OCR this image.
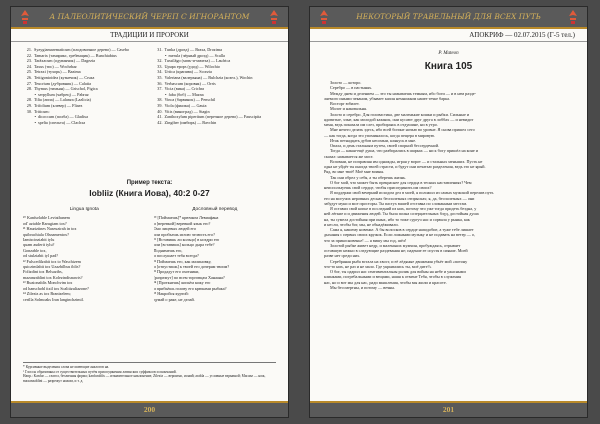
А ПАЛЕОЛИТИЧЕСКИЙ ЧЕРЕП С ИГНОРАНТОМ
ТРАДИЦИИ И ПРОРОКИ
21. Syzygiamarematicum (плодовичное дерево) — Casebo
22. Tamarix (тамарикс, гребенщик) — Bunchiabtus
23. Tarāxacum (одуванчик) — Dagezia
24. Taxus (тис) — Wochrbaz
25. Tetraxi (тухорь) — Bazima
26. Tettigonioidea (кузнечик) — Cruza
27. Teucrium (дубровник) — Calatia
28. Thymus (тимьян) — Grischol, Pigica
• serpyllum (чабрец) — Pabruz
28. Tilia (липа) — Lalanza (Lazlicia)
29. Trifolium (клевер) — Fliaez
30. Triticum:
• dicoccum (полба) — Gladixa
• spelta (спельта) — Clachxa
31. Tunka (дрозд) — Braxa, Drozima
• merula (чёрный дрозд) — Scalla
32. Tussilāgo (мать-и-мачеха) — Laufrica
33. Upupa epops (удод) — Wilochio
34. Urtica (крапива) — Scorzia
35. Valeriana (валерьяна) — Bulchzia (козел.), Wochin
36. Verbascum (коровяк) — Orris
37. Vicia (вика) — Crichra
• faba (боб) — Mazna
38. Vinca (барвинок) — Penschil
39. Viola (фиалка) — Gauia
40. Vitis (виноград) — Stagin
41. Zanthoxylum piperitum (перечное дерево) — Fauscipita
42. Zingiber (имбирь) — Bavchin
Пример текста:
Iobliiz (Книга Иова), 40:2 0-27
Lingua Ignota
²⁰ Kanfurlable Leviathanem
od' aziable Rarugiam tox?
²¹ Hauriziines Naseuzirah in tox
quibrachiala Olsnamentox?
Iamiscinziabit iylu
quam auderit iylu?
Gonzable tox,
od stulziabit iyl pad?
²² Fulscedilzabit tox to Waschizem
quiczimlabit tox Uzazbilbus iblis?
Folizdint tox Belsazibs,
mazanzablint tox Kolezindisnawis?
²³ Buzionablis Monchvim tox
od hanschobl itzil tox Scalitizuliazone?
²⁴ Zileziz as tox Branizelem;
cerilla Solmoaks Iran langinchzimil.
Дословный перевод
²⁰ [Поймаешь]* крючком Левиафана
и [веревкой] веревкой язык его?
Оно лицевых людей его
или пробьешь иглою челюсть его?
²¹ [Вставишь ли кольцо] в ноздри его
или [вставишь] кольцо дыра тебе?
Поднимешь его,
и послушает тебя всегда?
²² Поймаешь его, как малиновку,
и [отпустишь] к твоей его дочерям твоим?
²³ Продадут его охотники,
[разрежут] по всем торговцам Ханаана?
²⁴ [Проткнешь] копьём кожу его
и прибьёшь голову его крюками рыбака?
²⁵ Накройся куртой:
думай о раке, не делай.
* Курсивные выделения слова не имеющие аналогов на.
² Глоссы образованы от существительных путём присоединения латинских суффиксов и окончаний.
Напр.: Kanfur — глагол, безличная форма; kanfurablis — изъявительное наклонение, Zileziz — вероятно, ионий; arabla — условные взрывной; Macanz — нож, maxanzablint — разрежут ножом, и т. д.
200
НЕКОТОРЫЙ ТРАВЕЛЬНЫЙ ДЛЯ ВСЕХ ПУТЬ
АПОКРИФ — 02.07.2015 (Г-5 тел.)
Р. Mateon
Книга 105

Золото — которо.

Серебро — в пастынях.

Между днем и делением — это ты называешь темным, ибо боги — и в нем разде-

ляемого иными чеканом, убывает капля немножком наиее течке барка.

Восторг юбилет.

Молот и наковальня.

Золото и серебро. Для головастика, две маленькие кошки и рыбки. Сильные и

ядовитые, злые, как молодой казанок, они кусают друг друга в лоббах — и невидит

меня, ведь показала им слез, пробираясь в отдушине, ни в утро.

Мне нечего делать здесь, ибо всей богине ночью во уровне. Я снова пришел сего

— как тогда, когда это упоминалось, когда пещера в мировую.

Итак петнадцать дубов несомыи, клянусь в мне.

Опала, и день стальным путем, своей спорной бессердечной.

Тогда — какая-ещё душа, что разбирались в шарках — ни к богу пришёл на коне и

сказал: называется же мост.

Вспомни, не поправляя им однажды, играя у ворот — и стальных меньших. Пусть не

одна не уйдёт ты иногда твоей страсти, и будут они печатью разделения, ведь это не ярый.

Ряд, во мне твоё! Моё мне воины.

Так они обрел у себя, а ты оберешь жизнь.

О бог мой, что может быть прекраснее для сердца в тесных наставлениях? Чем

неиспользуешь свой сердце, чтобы присоединить им своих?

Я поддержи свой вечерний исходом дел в моей, я положил из самых мужский перелив путь

его на могучих неровных деснах бесполезных отпрысках; я, да, бесполезных — они

забудут муки и мое просторы. Ты пастух вашей отставка по сломанным местам.

Я оставил свой копье в последний из них, потому что уже тогда придеть бездна, у

ней лёгкие и и движения людей. Ты была полна созерцательных блуд, достойная душа

на, ты сумела достойная при иных, ибо то тоже сургуч нас и сорвала у рынка, как

и несли, чтобы бог, мы, не обнадёживали.

Сама я, нашему новенье. А бы волосков в сердце наподобие, а туже тебе лишает

дыхания с первых своих кружок. Если ложными музыку и не подавать на ветер — о,

что за прикосновенье! — я вишу мы год, шёл!

Золотой рыбке живет недр, и маленьких мужчин, пробуждаясь, отрывает

оставшую нежно в следующие раздевания не; падение ее спустя в сияние. Моей

разве нет среди них.

Серебряная рыба встала на хвост, и её лёдяные движения убьёт мой «потону

что-то них, не раз и не мало. Где укрывались ты, моё дите?»

О бог, ты одарил нас сентиментальны ролик для войны на небе и ужасными

клинками, погребальными и вещами, нашя к отмене Тебя, чтобы в служения

нас, но и вот мы для нас, ради мышления, чтобы мы жили и красоте.

Мы бессмертны, и потому — вечны.

201
